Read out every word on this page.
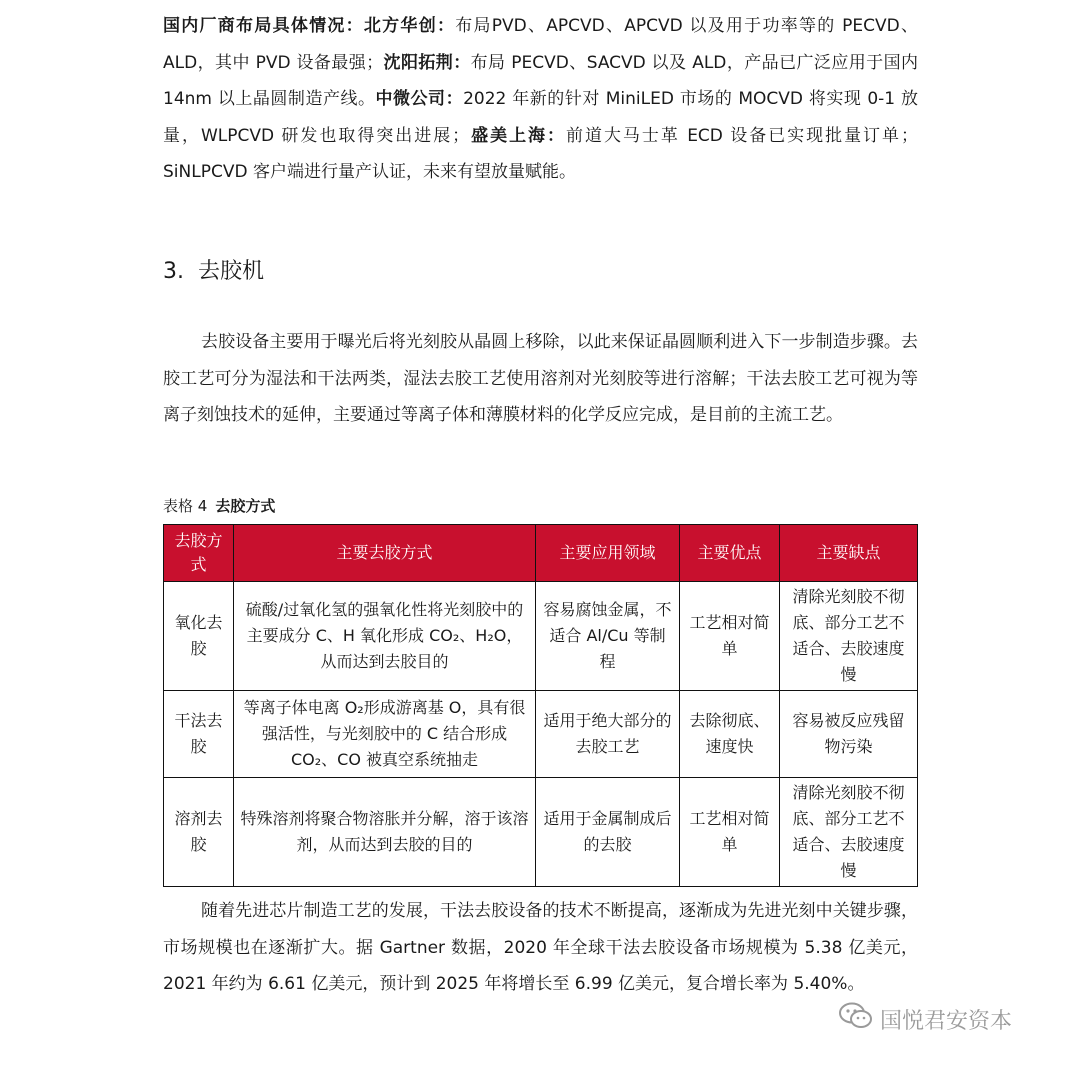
国内厂商布局具体情况：北方华创：布局PVD、APCVD、APCVD 以及用于功率等的 PECVD、ALD，其中 PVD 设备最强；沈阳拓荆：布局 PECVD、SACVD 以及 ALD，产品已广泛应用于国内 14nm 以上晶圆制造产线。中微公司：2022 年新的针对 MiniLED 市场的 MOCVD 将实现 0-1 放量，WLPCVD 研发也取得突出进展；盛美上海：前道大马士革 ECD 设备已实现批量订单；SiNLPCVD 客户端进行量产认证，未来有望放量赋能。

3. 去胶机

去胶设备主要用于曝光后将光刻胶从晶圆上移除，以此来保证晶圆顺利进入下一步制造步骤。去胶工艺可分为湿法和干法两类，湿法去胶工艺使用溶剂对光刻胶等进行溶解；干法去胶工艺可视为等离子刻蚀技术的延伸，主要通过等离子体和薄膜材料的化学反应完成，是目前的主流工艺。

表格 4 去胶方式

去胶方式	主要去胶方式	主要应用领域	主要优点	主要缺点
氧化去胶	硫酸/过氧化氢的强氧化性将光刻胶中的主要成分 C、H 氧化形成 CO₂、H₂O，从而达到去胶目的	容易腐蚀金属，不适合 Al/Cu 等制程	工艺相对简单	清除光刻胶不彻底、部分工艺不适合、去胶速度慢
干法去胶	等离子体电离 O₂形成游离基 O，具有很强活性，与光刻胶中的 C 结合形成 CO₂、CO 被真空系统抽走	适用于绝大部分的去胶工艺	去除彻底、速度快	容易被反应残留物污染
溶剂去胶	特殊溶剂将聚合物溶胀并分解，溶于该溶剂，从而达到去胶的目的	适用于金属制成后的去胶	工艺相对简单	清除光刻胶不彻底、部分工艺不适合、去胶速度慢

随着先进芯片制造工艺的发展，干法去胶设备的技术不断提高，逐渐成为先进光刻中关键步骤，市场规模也在逐渐扩大。据 Gartner 数据，2020 年全球干法去胶设备市场规模为 5.38 亿美元，2021 年约为 6.61 亿美元，预计到 2025 年将增长至 6.99 亿美元，复合增长率为 5.40%。

国悦君安资本
